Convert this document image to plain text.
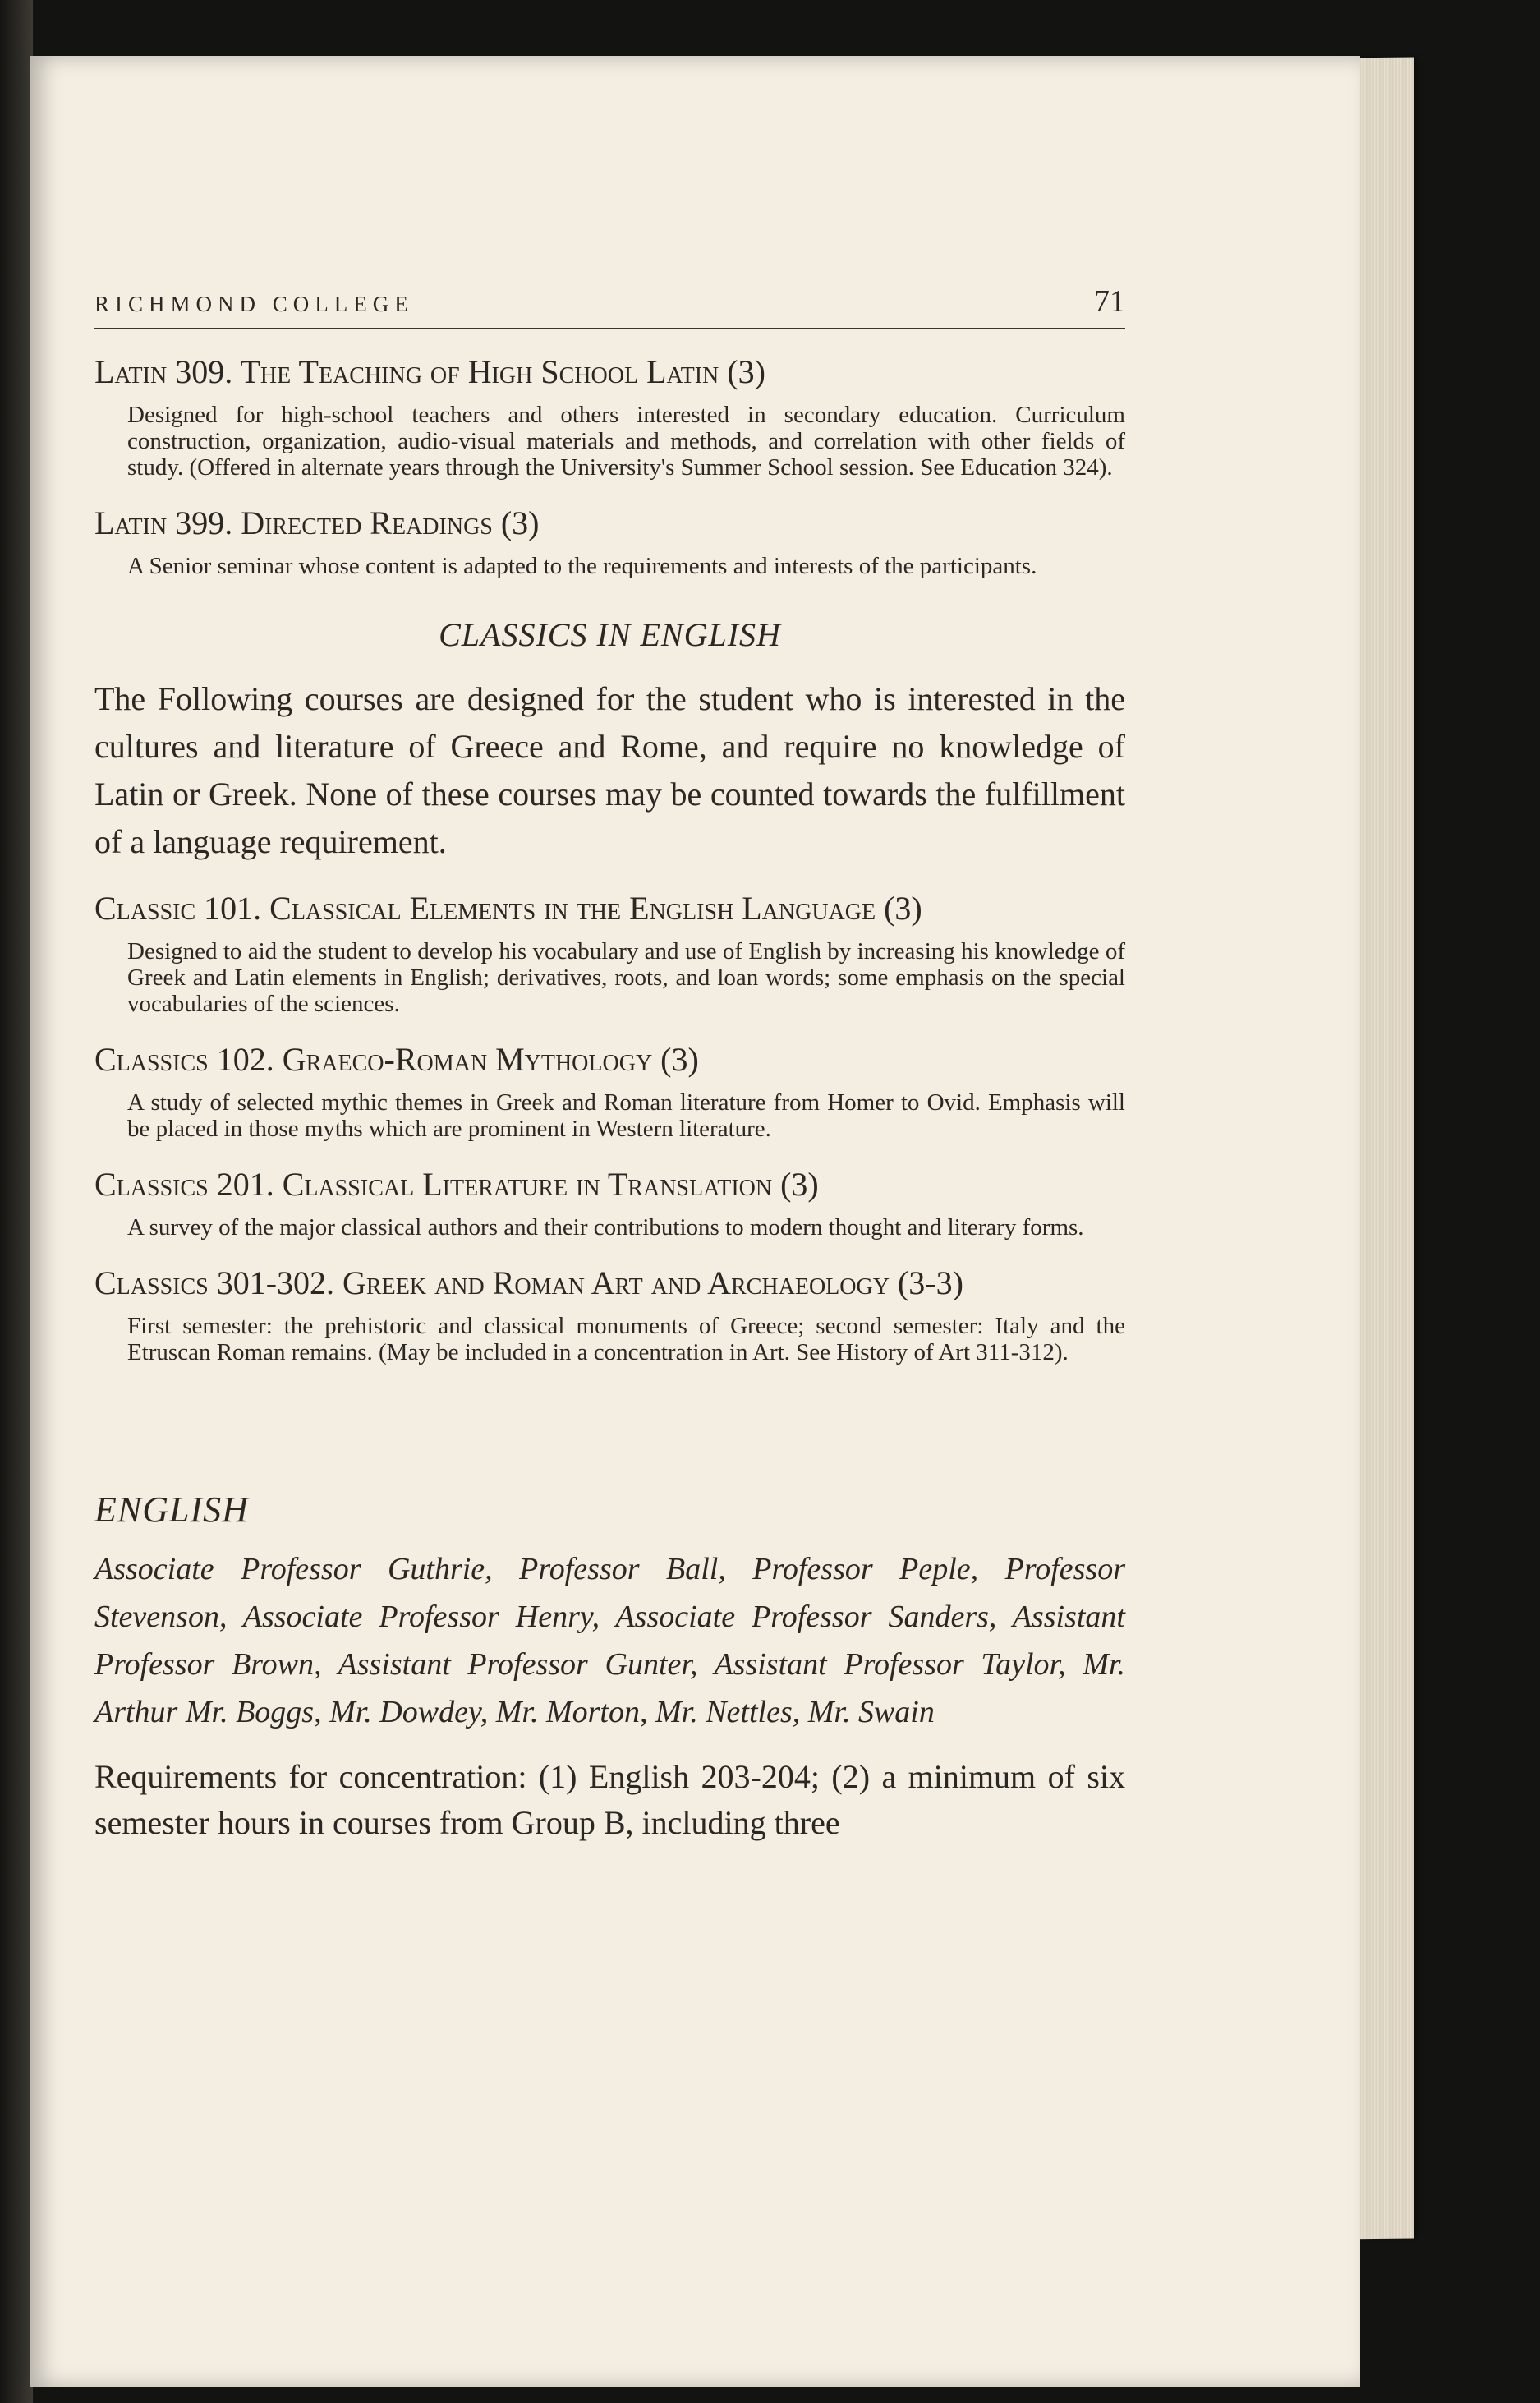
RICHMOND COLLEGE	71
Latin 309. The Teaching of High School Latin (3)
Designed for high-school teachers and others interested in secondary education. Curriculum construction, organization, audio-visual materials and methods, and correlation with other fields of study. (Offered in alternate years through the University's Summer School session. See Education 324).
Latin 399. Directed Readings (3)
A Senior seminar whose content is adapted to the requirements and interests of the participants.
CLASSICS IN ENGLISH
The Following courses are designed for the student who is interested in the cultures and literature of Greece and Rome, and require no knowledge of Latin or Greek. None of these courses may be counted towards the fulfillment of a language requirement.
Classic 101. Classical Elements in the English Language (3)
Designed to aid the student to develop his vocabulary and use of English by increasing his knowledge of Greek and Latin elements in English; derivatives, roots, and loan words; some emphasis on the special vocabularies of the sciences.
Classics 102. Graeco-Roman Mythology (3)
A study of selected mythic themes in Greek and Roman literature from Homer to Ovid. Emphasis will be placed in those myths which are prominent in Western literature.
Classics 201. Classical Literature in Translation (3)
A survey of the major classical authors and their contributions to modern thought and literary forms.
Classics 301-302. Greek and Roman Art and Archaeology (3-3)
First semester: the prehistoric and classical monuments of Greece; second semester: Italy and the Etruscan Roman remains. (May be included in a concentration in Art. See History of Art 311-312).
ENGLISH
Associate Professor Guthrie, Professor Ball, Professor Peple, Professor Stevenson, Associate Professor Henry, Associate Professor Sanders, Assistant Professor Brown, Assistant Professor Gunter, Assistant Professor Taylor, Mr. Arthur Mr. Boggs, Mr. Dowdey, Mr. Morton, Mr. Nettles, Mr. Swain
Requirements for concentration: (1) English 203-204; (2) a minimum of six semester hours in courses from Group B, including three
